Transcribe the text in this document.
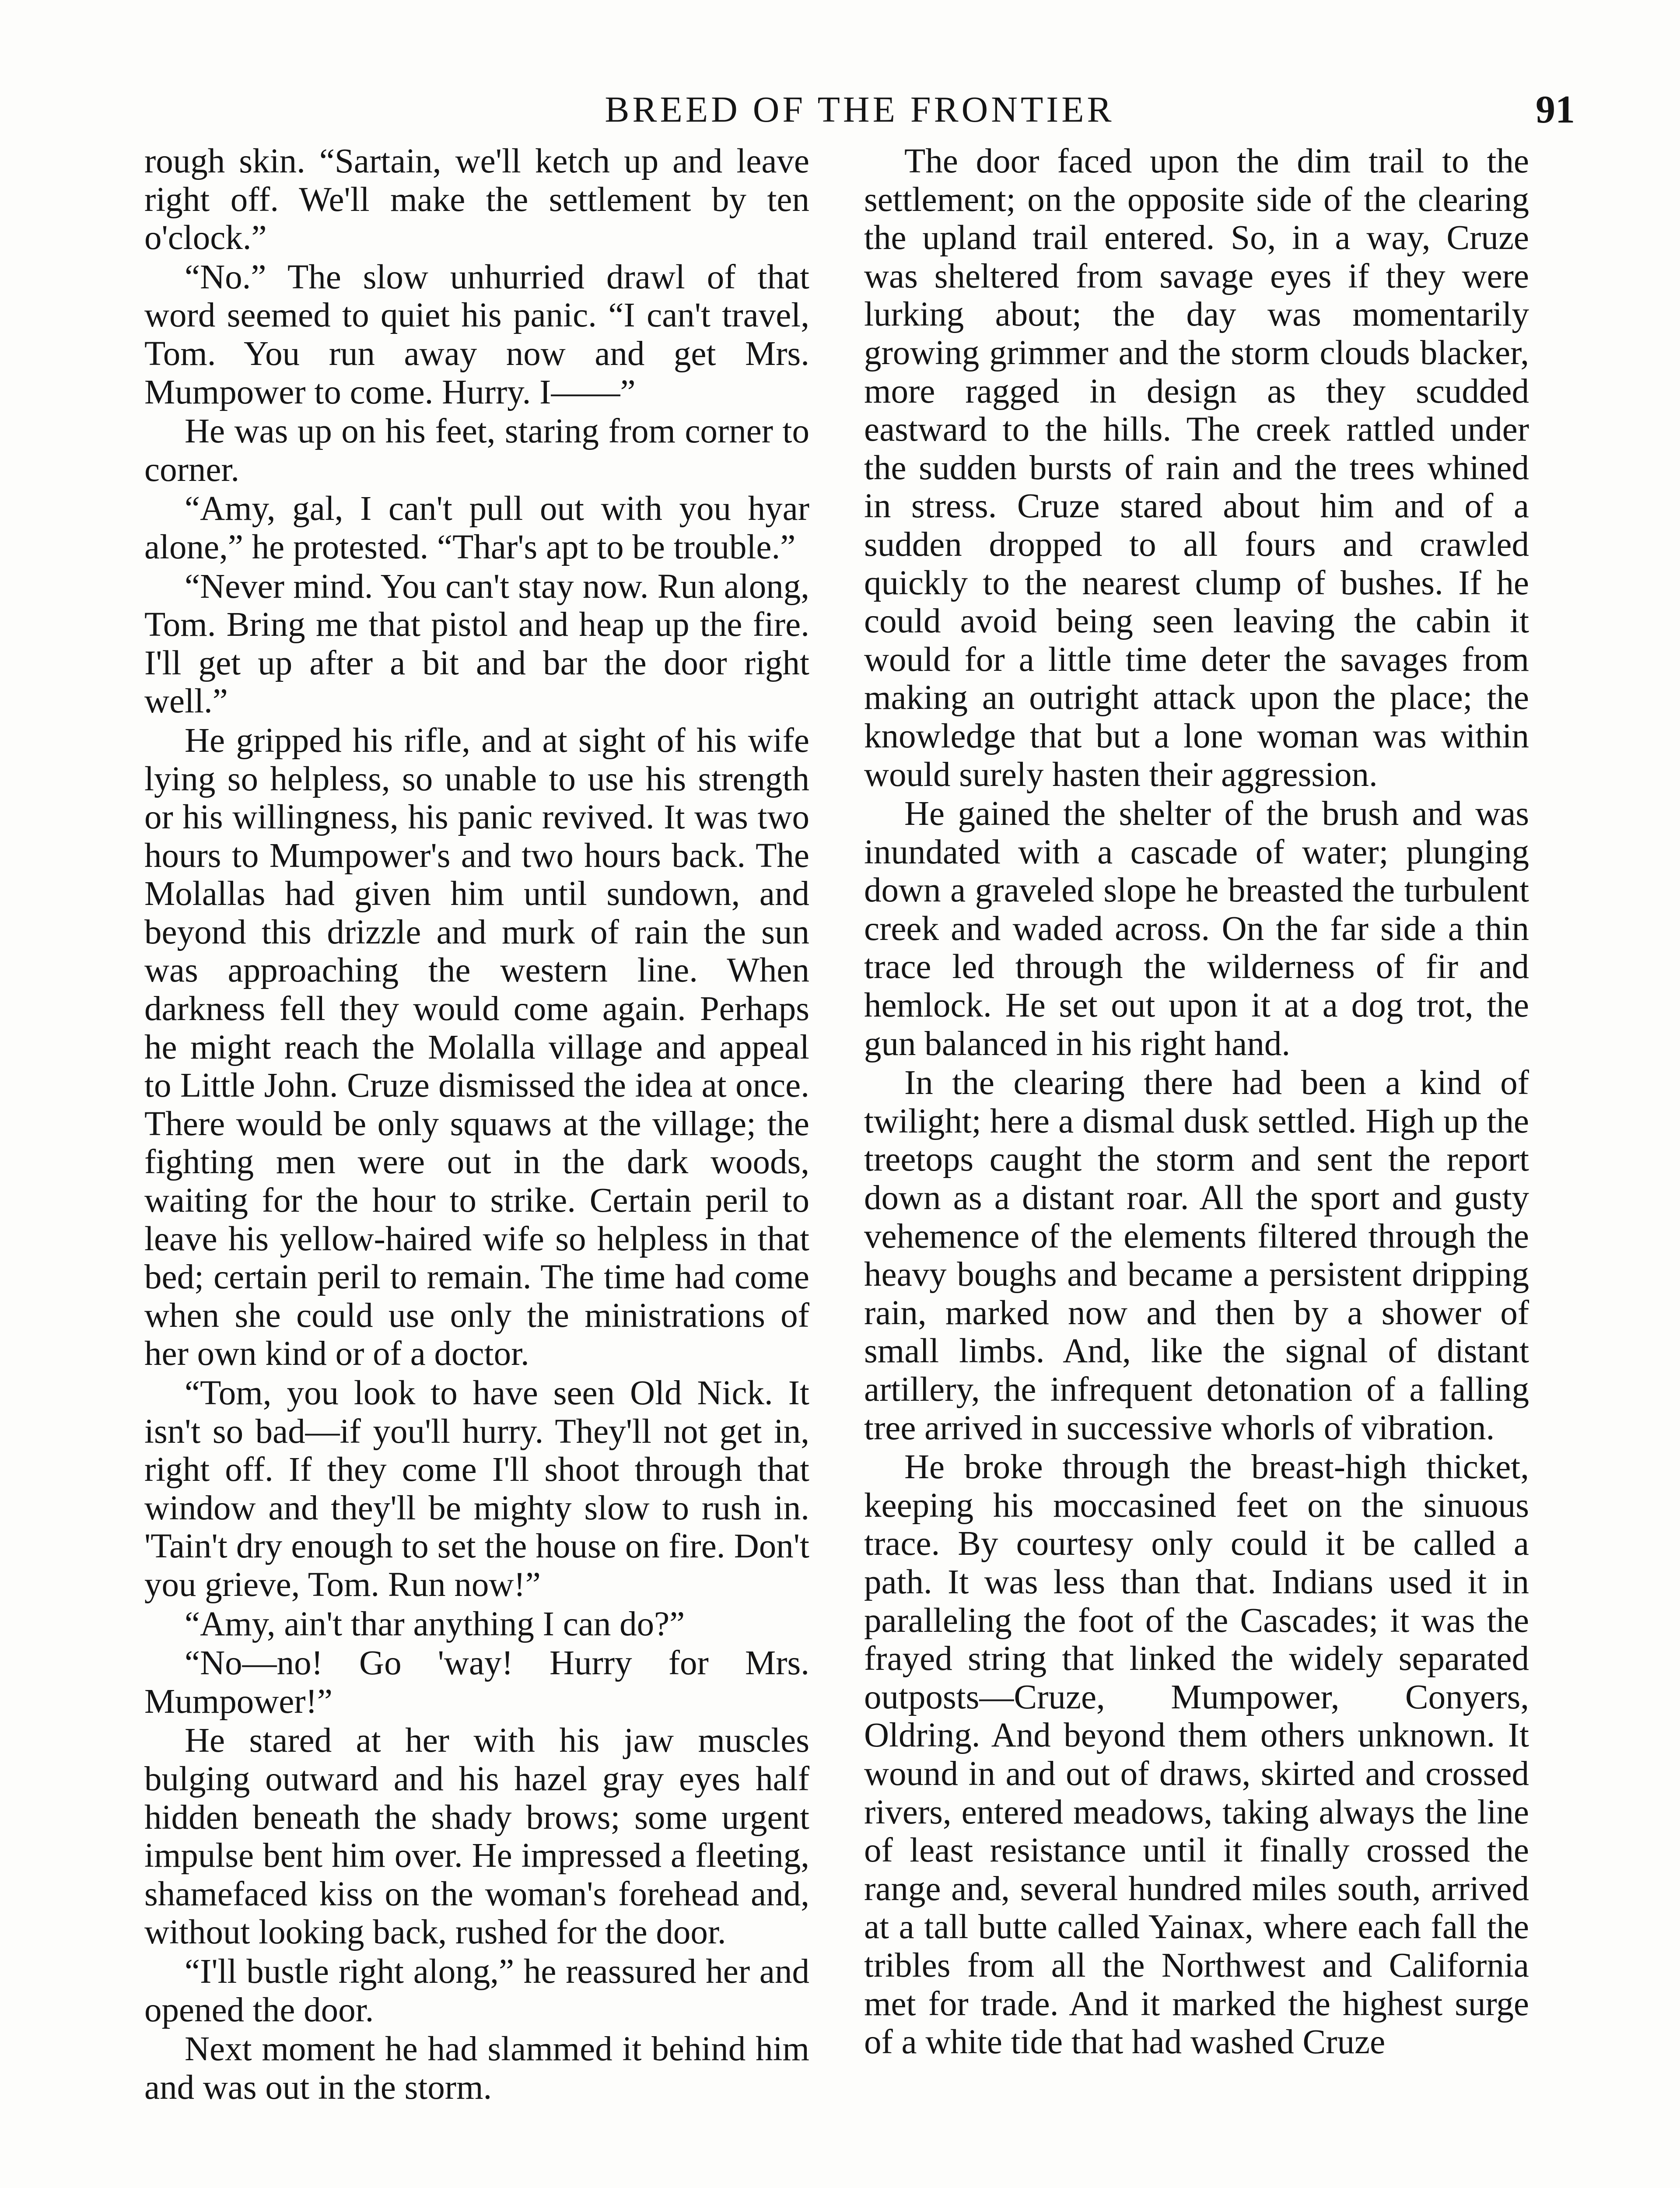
BREED OF THE FRONTIER	91

rough skin. “Sartain, we'll ketch up and leave right off. We'll make the settlement by ten o'clock.”

“No.” The slow unhurried drawl of that word seemed to quiet his panic. “I can't travel, Tom. You run away now and get Mrs. Mumpower to come. Hurry. I——”

He was up on his feet, staring from corner to corner.

“Amy, gal, I can't pull out with you hyar alone,” he protested. “Thar's apt to be trouble.”

“Never mind. You can't stay now. Run along, Tom. Bring me that pistol and heap up the fire. I'll get up after a bit and bar the door right well.”

He gripped his rifle, and at sight of his wife lying so helpless, so unable to use his strength or his willingness, his panic revived. It was two hours to Mumpower's and two hours back. The Molallas had given him until sundown, and beyond this drizzle and murk of rain the sun was approaching the western line. When darkness fell they would come again. Perhaps he might reach the Molalla village and appeal to Little John. Cruze dismissed the idea at once. There would be only squaws at the village; the fighting men were out in the dark woods, waiting for the hour to strike. Certain peril to leave his yellow-haired wife so helpless in that bed; certain peril to remain. The time had come when she could use only the ministrations of her own kind or of a doctor.

“Tom, you look to have seen Old Nick. It isn't so bad—if you'll hurry. They'll not get in, right off. If they come I'll shoot through that window and they'll be mighty slow to rush in. 'Tain't dry enough to set the house on fire. Don't you grieve, Tom. Run now!”

“Amy, ain't thar anything I can do?”

“No—no! Go 'way! Hurry for Mrs. Mumpower!”

He stared at her with his jaw muscles bulging outward and his hazel gray eyes half hidden beneath the shady brows; some urgent impulse bent him over. He impressed a fleeting, shamefaced kiss on the woman's forehead and, without looking back, rushed for the door.

“I'll bustle right along,” he reassured her and opened the door.

Next moment he had slammed it behind him and was out in the storm.

The door faced upon the dim trail to the settlement; on the opposite side of the clearing the upland trail entered. So, in a way, Cruze was sheltered from savage eyes if they were lurking about; the day was momentarily growing grimmer and the storm clouds blacker, more ragged in design as they scudded eastward to the hills. The creek rattled under the sudden bursts of rain and the trees whined in stress. Cruze stared about him and of a sudden dropped to all fours and crawled quickly to the nearest clump of bushes. If he could avoid being seen leaving the cabin it would for a little time deter the savages from making an outright attack upon the place; the knowledge that but a lone woman was within would surely hasten their aggression.

He gained the shelter of the brush and was inundated with a cascade of water; plunging down a graveled slope he breasted the turbulent creek and waded across. On the far side a thin trace led through the wilderness of fir and hemlock. He set out upon it at a dog trot, the gun balanced in his right hand.

In the clearing there had been a kind of twilight; here a dismal dusk settled. High up the treetops caught the storm and sent the report down as a distant roar. All the sport and gusty vehemence of the elements filtered through the heavy boughs and became a persistent dripping rain, marked now and then by a shower of small limbs. And, like the signal of distant artillery, the infrequent detonation of a falling tree arrived in successive whorls of vibration.

He broke through the breast-high thicket, keeping his moccasined feet on the sinuous trace. By courtesy only could it be called a path. It was less than that. Indians used it in paralleling the foot of the Cascades; it was the frayed string that linked the widely separated outposts—Cruze, Mumpower, Conyers, Oldring. And beyond them others unknown. It wound in and out of draws, skirted and crossed rivers, entered meadows, taking always the line of least resistance until it finally crossed the range and, several hundred miles south, arrived at a tall butte called Yainax, where each fall the tribles from all the Northwest and California met for trade. And it marked the highest surge of a white tide that had washed Cruze
